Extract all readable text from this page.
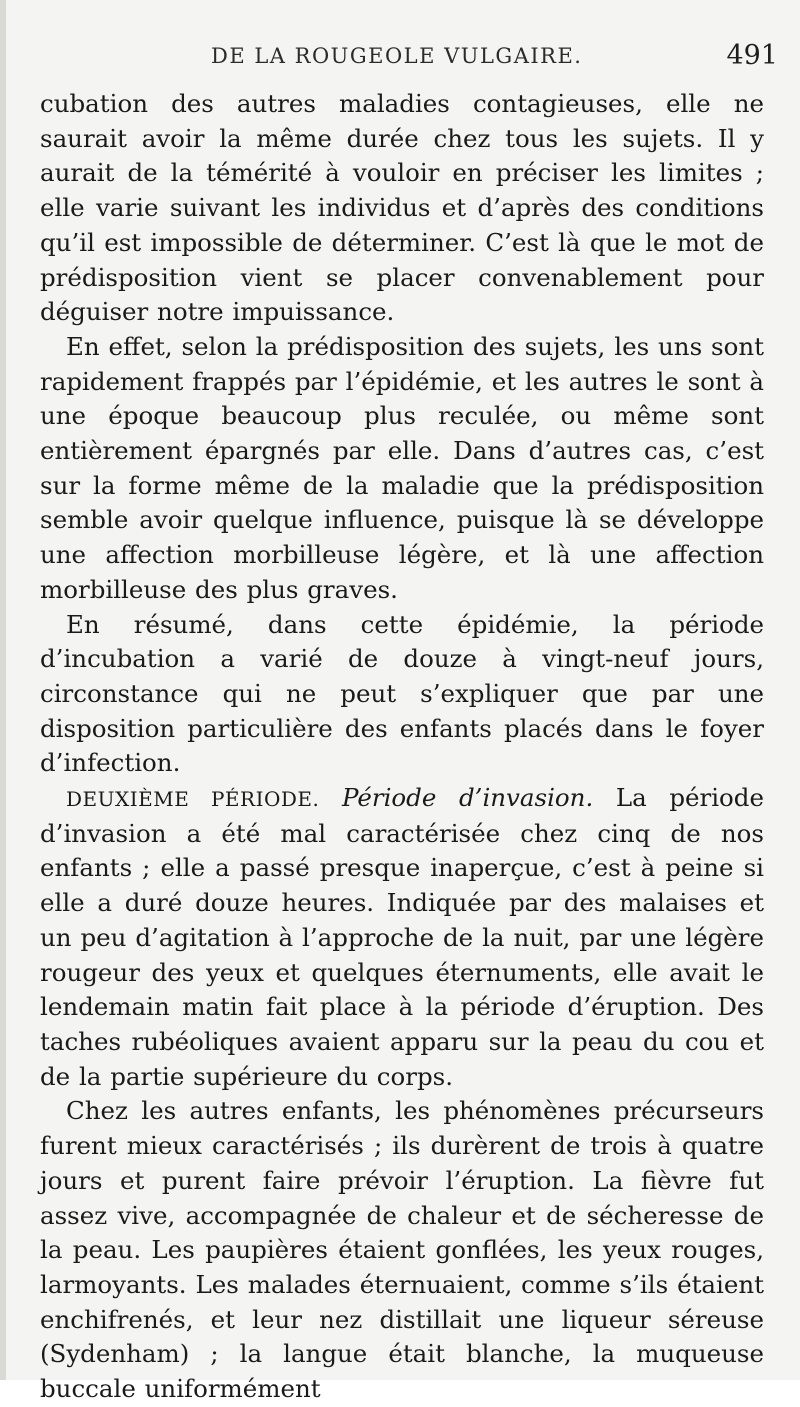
DE LA ROUGEOLE VULGAIRE.	491

cubation des autres maladies contagieuses, elle ne saurait avoir la même durée chez tous les sujets. Il y aurait de la témérité à vouloir en préciser les limites ; elle varie suivant les individus et d’après des conditions qu’il est impossible de déterminer. C’est là que le mot de prédisposition vient se placer convenablement pour déguiser notre impuissance.

En effet, selon la prédisposition des sujets, les uns sont rapidement frappés par l’épidémie, et les autres le sont à une époque beaucoup plus reculée, ou même sont entièrement épargnés par elle. Dans d’autres cas, c’est sur la forme même de la maladie que la prédisposition semble avoir quelque influence, puisque là se développe une affection morbilleuse légère, et là une affection morbilleuse des plus graves.

En résumé, dans cette épidémie, la période d’incubation a varié de douze à vingt-neuf jours, circonstance qui ne peut s’expliquer que par une disposition particulière des enfants placés dans le foyer d’infection.

DEUXIÈME PÉRIODE. Période d’invasion. La période d’invasion a été mal caractérisée chez cinq de nos enfants ; elle a passé presque inaperçue, c’est à peine si elle a duré douze heures. Indiquée par des malaises et un peu d’agitation à l’approche de la nuit, par une légère rougeur des yeux et quelques éternuments, elle avait le lendemain matin fait place à la période d’éruption. Des taches rubéoliques avaient apparu sur la peau du cou et de la partie supérieure du corps.

Chez les autres enfants, les phénomènes précurseurs furent mieux caractérisés ; ils durèrent de trois à quatre jours et purent faire prévoir l’éruption. La fièvre fut assez vive, accompagnée de chaleur et de sécheresse de la peau. Les paupières étaient gonflées, les yeux rouges, larmoyants. Les malades éternuaient, comme s’ils étaient enchifrenés, et leur nez distillait une liqueur séreuse (Sydenham) ; la langue était blanche, la muqueuse buccale uniformément
